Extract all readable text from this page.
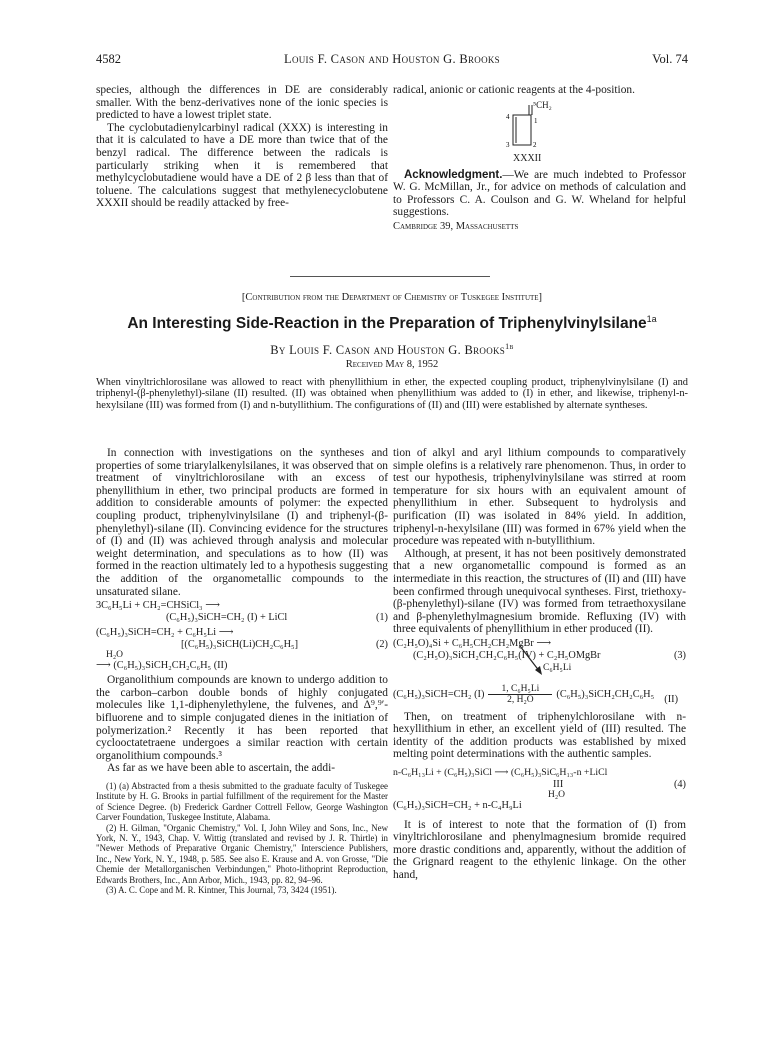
4582	Louis F. Cason and Houston G. Brooks	Vol. 74

species, although the differences in DE are considerably smaller. With the benz-derivatives none of the ionic species is predicted to have a lowest triplet state.

The cyclobutadienylcarbinyl radical (XXX) is interesting in that it is calculated to have a DE more than twice that of the benzyl radical. The difference between the radicals is particularly striking when it is remembered that methylcyclobutadiene would have a DE of 2 β less than that of toluene. The calculations suggest that methylenecyclobutene XXXII should be readily attacked by free-

radical, anionic or cationic reagents at the 4-position.

⁵CH₂
4	1
3	2
XXXII

Acknowledgment.—We are much indebted to Professor W. G. McMillan, Jr., for advice on methods of calculation and to Professors C. A. Coulson and G. W. Wheland for helpful suggestions.

Cambridge 39, Massachusetts

[Contribution from the Department of Chemistry of Tuskegee Institute]
An Interesting Side-Reaction in the Preparation of Triphenylvinylsilane$^{1a}$
By Louis F. Cason and Houston G. Brooks$^{1b}$
Received May 8, 1952
When vinyltrichlorosilane was allowed to react with phenyllithium in ether, the expected coupling product, triphenylvinylsilane (I) and triphenyl-(β-phenylethyl)-silane (II) resulted. (II) was obtained when phenyllithium was added to (I) in ether, and likewise, triphenyl-n-hexylsilane (III) was formed from (I) and n-butyllithium. The configurations of (II) and (III) were established by alternate syntheses.

In connection with investigations on the syntheses and properties of some triarylalkenylsilanes, it was observed that on treatment of vinyltrichlorosilane with an excess of phenyllithium in ether, two principal products are formed in addition to considerable amounts of polymer: the expected coupling product, triphenylvinylsilane (I) and triphenyl-(β-phenylethyl)-silane (II). Convincing evidence for the structures of (I) and (II) was achieved through analysis and molecular weight determination, and speculations as to how (II) was formed in the reaction ultimately led to a hypothesis suggesting the addition of the organometallic compounds to the unsaturated silane.

3C₆H₅Li + CH₂=CHSiCl₃ ⟶
(C₆H₅)₃SiCH=CH₂ (I) + LiCl	(1)
(C₆H₅)₃SiCH=CH₂ + C₆H₅Li ⟶
[(C₆H₅)₃SiCH(Li)CH₂C₆H₅]	(2)
H₂O
⟶ (C₆H₅)₃SiCH₂CH₂C₆H₅ (II)

Organolithium compounds are known to undergo addition to the carbon–carbon double bonds of highly conjugated molecules like 1,1-diphenylethylene, the fulvenes, and Δ⁹,⁹′-bifluorene and to simple conjugated dienes in the initiation of polymerization.² Recently it has been reported that cyclooctatetraene undergoes a similar reaction with certain organolithium compounds.³

As far as we have been able to ascertain, the addi-

(1) (a) Abstracted from a thesis submitted to the graduate faculty of Tuskegee Institute by H. G. Brooks in partial fulfillment of the requirement for the Master of Science Degree. (b) Frederick Gardner Cottrell Fellow, George Washington Carver Foundation, Tuskegee Institute, Alabama.

(2) H. Gilman, "Organic Chemistry," Vol. I, John Wiley and Sons, Inc., New York, N. Y., 1943, Chap. V. Wittig (translated and revised by J. R. Thirtle) in "Newer Methods of Preparative Organic Chemistry," Interscience Publishers, Inc., New York, N. Y., 1948, p. 585. See also E. Krause and A. von Grosse, "Die Chemie der Metallorganischen Verbindungen," Photo-lithoprint Reproduction, Edwards Brothers, Inc., Ann Arbor, Mich., 1943, pp. 82, 94–96.

(3) A. C. Cope and M. R. Kintner, This Journal, 73, 3424 (1951).

tion of alkyl and aryl lithium compounds to comparatively simple olefins is a relatively rare phenomenon. Thus, in order to test our hypothesis, triphenylvinylsilane was stirred at room temperature for six hours with an equivalent amount of phenyllithium in ether. Subsequent to hydrolysis and purification (II) was isolated in 84% yield. In addition, triphenyl-n-hexylsilane (III) was formed in 67% yield when the procedure was repeated with n-butyllithium.

Although, at present, it has not been positively demonstrated that a new organometallic compound is formed as an intermediate in this reaction, the structures of (II) and (III) have been confirmed through unequivocal syntheses. First, triethoxy-(β-phenylethyl)-silane (IV) was formed from tetraethoxysilane and β-phenylethylmagnesium bromide. Refluxing (IV) with three equivalents of phenyllithium in ether produced (II).

(C₂H₅O)₄Si + C₆H₅CH₂CH₂MgBr ⟶
(C₂H₅O)₃SiCH₂CH₂C₆H₅(IV) + C₂H₅OMgBr	(3)
C₆H₅Li
(C₆H₅)₃SiCH=CH₂ (I)	1, C₆H₅Li
2, H₂O
(C₆H₅)₃SiCH₂CH₂C₆H₅
(II)

Then, on treatment of triphenylchlorosilane with n-hexyllithium in ether, an excellent yield of (III) resulted. The identity of the addition products was established by mixed melting point determinations with the authentic samples.

n-C₆H₁₃Li + (C₆H₅)₃SiCl ⟶ (C₆H₅)₃SiC₆H₁₃-n +LiCl
III	(4)
H₂O
(C₆H₅)₃SiCH=CH₂ + n-C₄H₉Li

It is of interest to note that the formation of (I) from vinyltrichlorosilane and phenylmagnesium bromide required more drastic conditions and, apparently, without the addition of the Grignard reagent to the ethylenic linkage. On the other hand,
